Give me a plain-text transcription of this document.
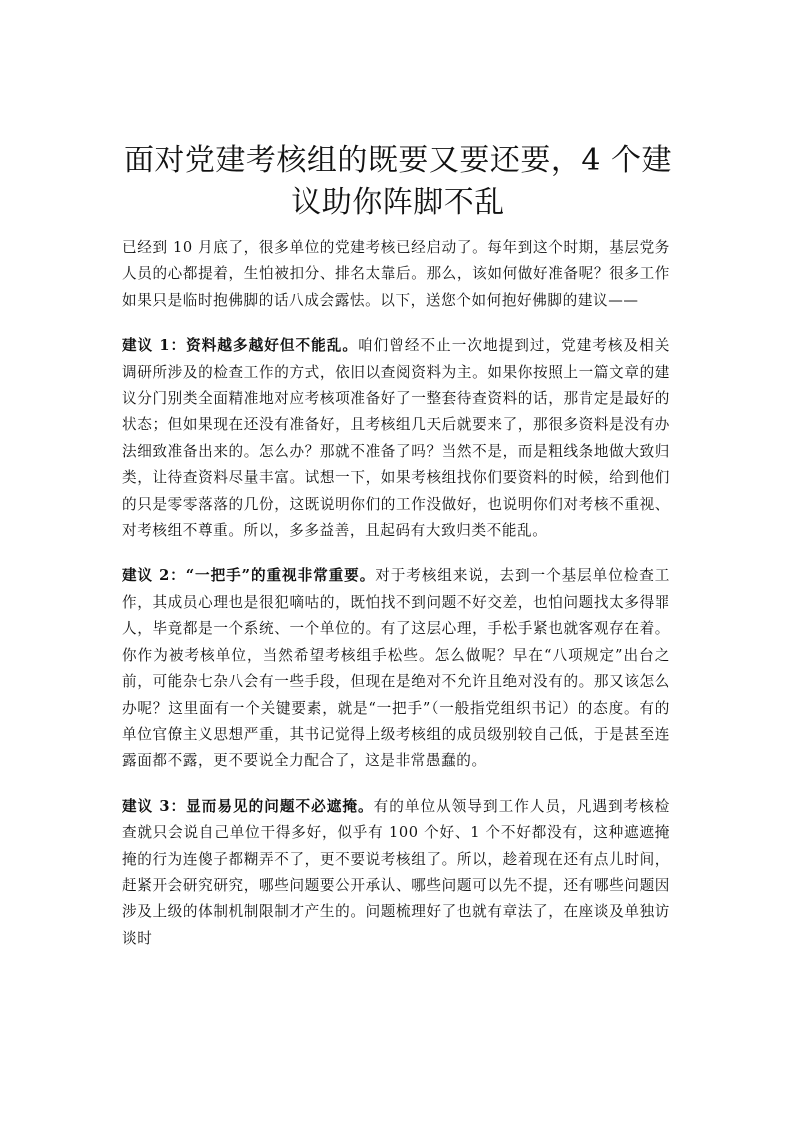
面对党建考核组的既要又要还要，4 个建议助你阵脚不乱

已经到 10 月底了，很多单位的党建考核已经启动了。每年到这个时期，基层党务人员的心都提着，生怕被扣分、排名太靠后。那么，该如何做好准备呢？很多工作如果只是临时抱佛脚的话八成会露怯。以下，送您个如何抱好佛脚的建议——

建议 1：资料越多越好但不能乱。咱们曾经不止一次地提到过，党建考核及相关调研所涉及的检查工作的方式，依旧以查阅资料为主。如果你按照上一篇文章的建议分门别类全面精准地对应考核项准备好了一整套待查资料的话，那肯定是最好的状态；但如果现在还没有准备好，且考核组几天后就要来了，那很多资料是没有办法细致准备出来的。怎么办？那就不准备了吗？当然不是，而是粗线条地做大致归类，让待查资料尽量丰富。试想一下，如果考核组找你们要资料的时候，给到他们的只是零零落落的几份，这既说明你们的工作没做好，也说明你们对考核不重视、对考核组不尊重。所以，多多益善，且起码有大致归类不能乱。

建议 2：“一把手”的重视非常重要。对于考核组来说，去到一个基层单位检查工作，其成员心理也是很犯嘀咕的，既怕找不到问题不好交差，也怕问题找太多得罪人，毕竟都是一个系统、一个单位的。有了这层心理，手松手紧也就客观存在着。你作为被考核单位，当然希望考核组手松些。怎么做呢？早在“八项规定”出台之前，可能杂七杂八会有一些手段，但现在是绝对不允许且绝对没有的。那又该怎么办呢？这里面有一个关键要素，就是“一把手”（一般指党组织书记）的态度。有的单位官僚主义思想严重，其书记觉得上级考核组的成员级别较自己低，于是甚至连露面都不露，更不要说全力配合了，这是非常愚蠢的。

建议 3：显而易见的问题不必遮掩。有的单位从领导到工作人员，凡遇到考核检查就只会说自己单位干得多好，似乎有 100 个好、1 个不好都没有，这种遮遮掩掩的行为连傻子都糊弄不了，更不要说考核组了。所以，趁着现在还有点儿时间，赶紧开会研究研究，哪些问题要公开承认、哪些问题可以先不提，还有哪些问题因涉及上级的体制机制限制才产生的。问题梳理好了也就有章法了，在座谈及单独访谈时
